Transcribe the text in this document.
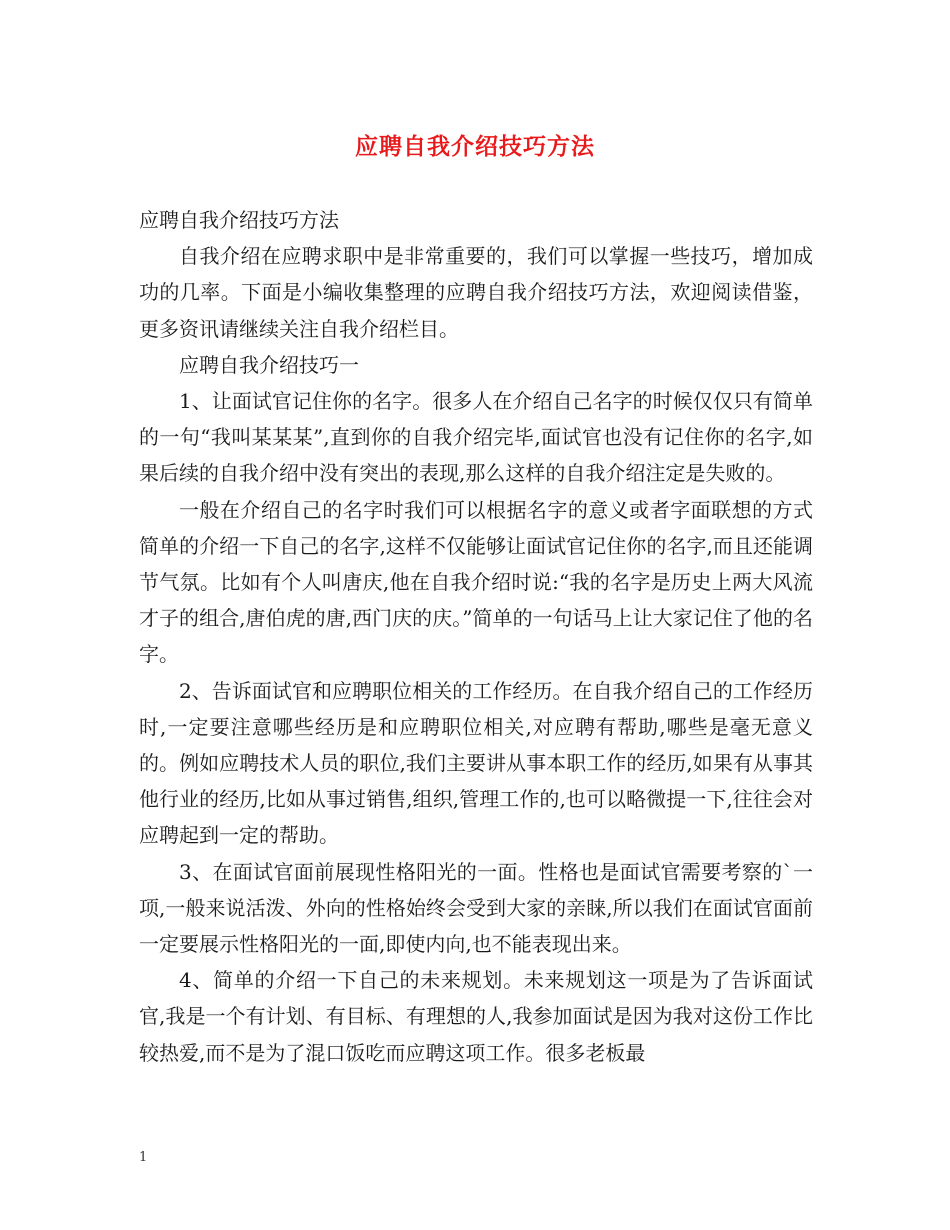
应聘自我介绍技巧方法

应聘自我介绍技巧方法

自我介绍在应聘求职中是非常重要的，我们可以掌握一些技巧，增加成功的几率。下面是小编收集整理的应聘自我介绍技巧方法，欢迎阅读借鉴，更多资讯请继续关注自我介绍栏目。

应聘自我介绍技巧一

1、让面试官记住你的名字。很多人在介绍自己名字的时候仅仅只有简单的一句“我叫某某某”,直到你的自我介绍完毕,面试官也没有记住你的名字,如果后续的自我介绍中没有突出的表现,那么这样的自我介绍注定是失败的。

一般在介绍自己的名字时我们可以根据名字的意义或者字面联想的方式简单的介绍一下自己的名字,这样不仅能够让面试官记住你的名字,而且还能调节气氛。比如有个人叫唐庆,他在自我介绍时说:“我的名字是历史上两大风流才子的组合,唐伯虎的唐,西门庆的庆。”简单的一句话马上让大家记住了他的名字。

2、告诉面试官和应聘职位相关的工作经历。在自我介绍自己的工作经历时,一定要注意哪些经历是和应聘职位相关,对应聘有帮助,哪些是毫无意义的。例如应聘技术人员的职位,我们主要讲从事本职工作的经历,如果有从事其他行业的经历,比如从事过销售,组织,管理工作的,也可以略微提一下,往往会对应聘起到一定的帮助。

3、在面试官面前展现性格阳光的一面。性格也是面试官需要考察的`一项,一般来说活泼、外向的性格始终会受到大家的亲睐,所以我们在面试官面前一定要展示性格阳光的一面,即使内向,也不能表现出来。

4、简单的介绍一下自己的未来规划。未来规划这一项是为了告诉面试官,我是一个有计划、有目标、有理想的人,我参加面试是因为我对这份工作比较热爱,而不是为了混口饭吃而应聘这项工作。很多老板最

1
